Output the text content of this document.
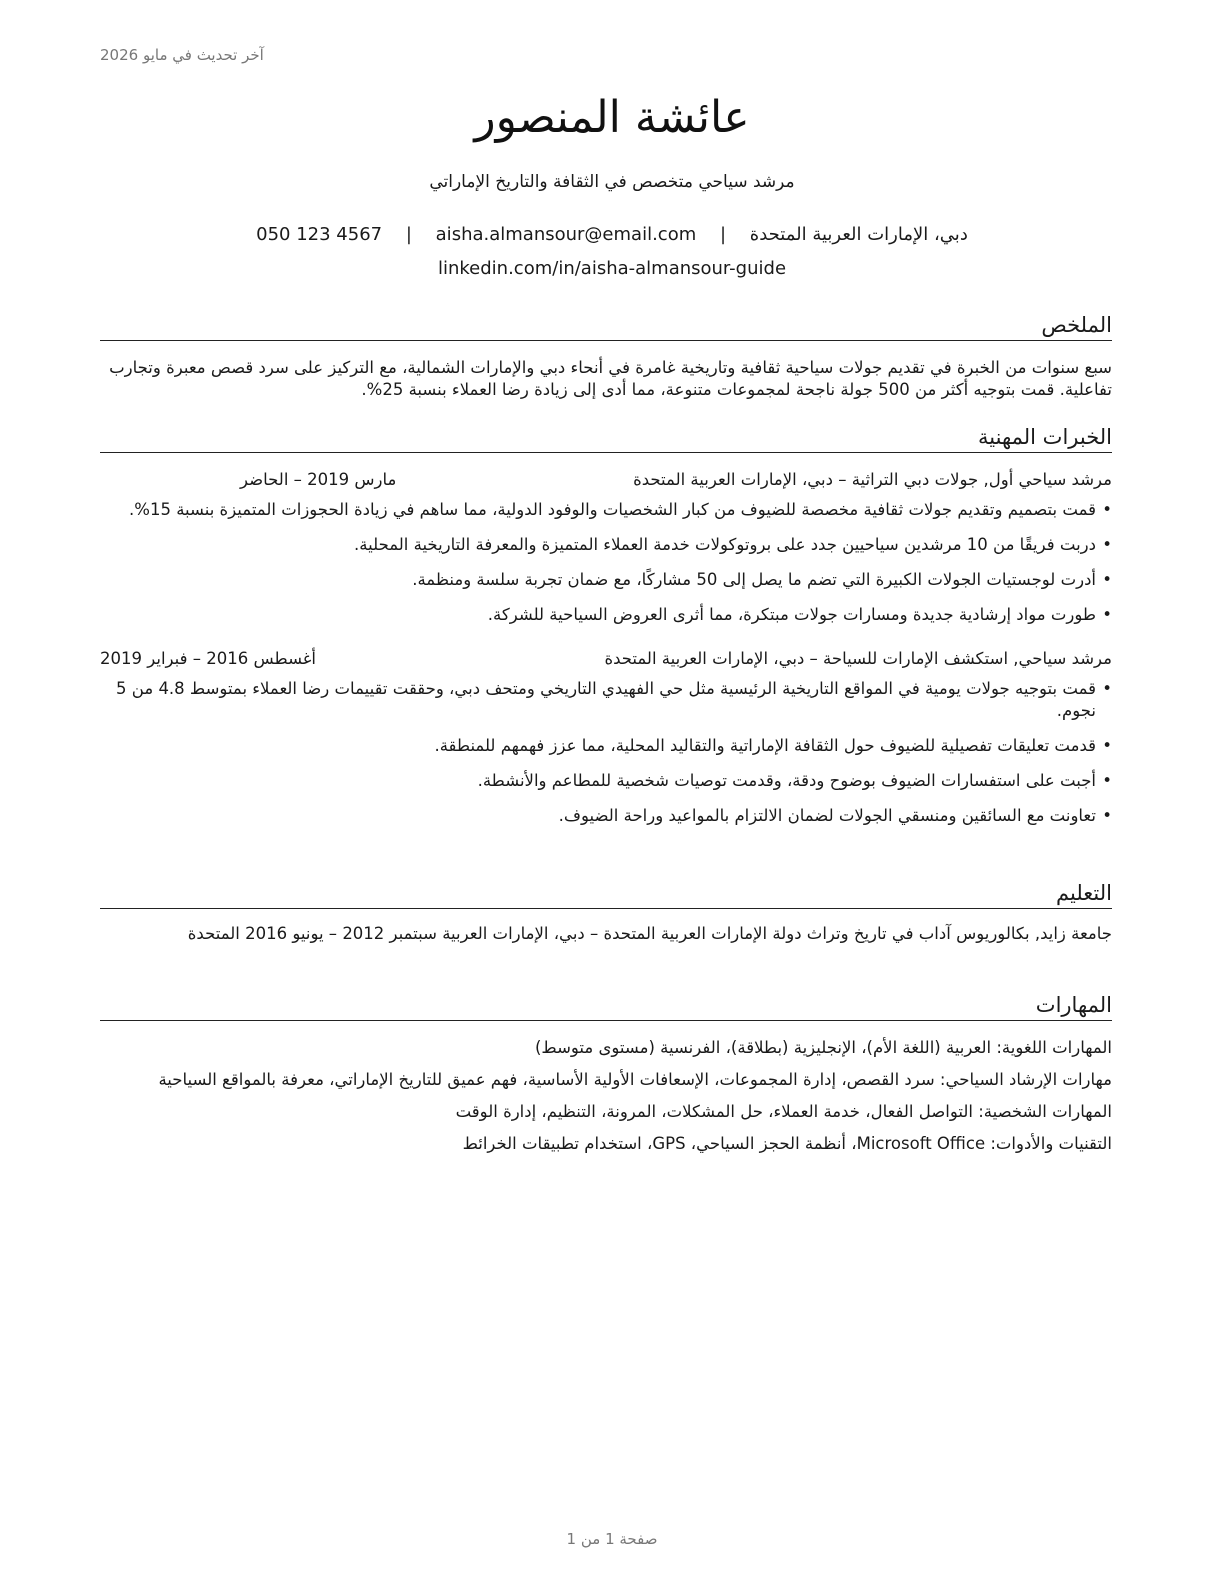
آخر تحديث في مايو 2026
عائشة المنصور
مرشد سياحي متخصص في الثقافة والتاريخ الإماراتي
دبي، الإمارات العربية المتحدة | aisha.almansour@email.com | 050 123 4567
linkedin.com/in/aisha-almansour-guide
الملخص
سبع سنوات من الخبرة في تقديم جولات سياحية ثقافية وتاريخية غامرة في أنحاء دبي والإمارات الشمالية، مع التركيز على سرد قصص معبرة وتجارب تفاعلية. قمت بتوجيه أكثر من 500 جولة ناجحة لمجموعات متنوعة، مما أدى إلى زيادة رضا العملاء بنسبة 25%.
الخبرات المهنية
مرشد سياحي أول, جولات دبي التراثية – دبي، الإمارات العربية المتحدة
مارس 2019 – الحاضر
• قمت بتصميم وتقديم جولات ثقافية مخصصة للضيوف من كبار الشخصيات والوفود الدولية، مما ساهم في زيادة الحجوزات المتميزة بنسبة 15%.
• دربت فريقًا من 10 مرشدين سياحيين جدد على بروتوكولات خدمة العملاء المتميزة والمعرفة التاريخية المحلية.
• أدرت لوجستيات الجولات الكبيرة التي تضم ما يصل إلى 50 مشاركًا، مع ضمان تجربة سلسة ومنظمة.
• طورت مواد إرشادية جديدة ومسارات جولات مبتكرة، مما أثرى العروض السياحية للشركة.
مرشد سياحي, استكشف الإمارات للسياحة – دبي، الإمارات العربية المتحدة
أغسطس 2016 – فبراير 2019
• قمت بتوجيه جولات يومية في المواقع التاريخية الرئيسية مثل حي الفهيدي التاريخي ومتحف دبي، وحققت تقييمات رضا العملاء بمتوسط 4.8 من 5 نجوم.
• قدمت تعليقات تفصيلية للضيوف حول الثقافة الإماراتية والتقاليد المحلية، مما عزز فهمهم للمنطقة.
• أجبت على استفسارات الضيوف بوضوح ودقة، وقدمت توصيات شخصية للمطاعم والأنشطة.
• تعاونت مع السائقين ومنسقي الجولات لضمان الالتزام بالمواعيد وراحة الضيوف.
التعليم
جامعة زايد, بكالوريوس آداب في تاريخ وتراث دولة الإمارات العربية المتحدة – دبي، الإمارات العربية سبتمبر 2012 – يونيو 2016 المتحدة
المهارات
المهارات اللغوية: العربية (اللغة الأم)، الإنجليزية (بطلاقة)، الفرنسية (مستوى متوسط)
مهارات الإرشاد السياحي: سرد القصص، إدارة المجموعات، الإسعافات الأولية الأساسية، فهم عميق للتاريخ الإماراتي، معرفة بالمواقع السياحية
المهارات الشخصية: التواصل الفعال، خدمة العملاء، حل المشكلات، المرونة، التنظيم، إدارة الوقت
التقنيات والأدوات: Microsoft Office، أنظمة الحجز السياحي، GPS، استخدام تطبيقات الخرائط
صفحة 1 من 1
